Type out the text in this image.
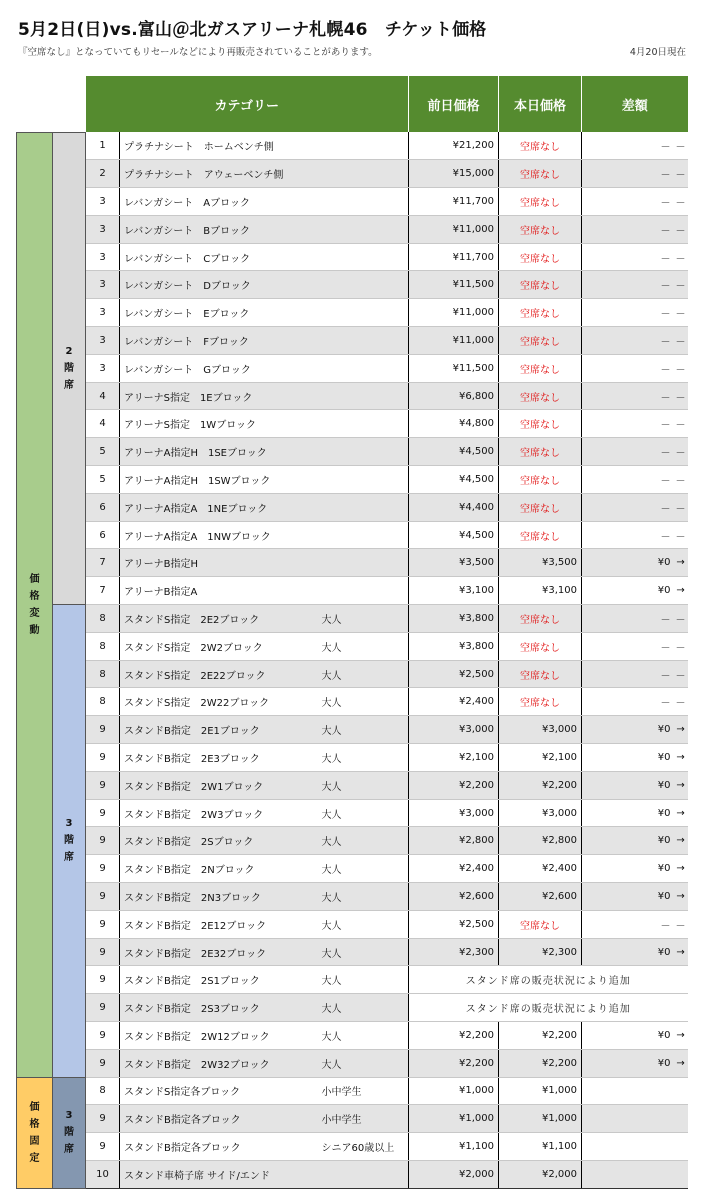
5月2日(日)vs.富山＠北ガスアリーナ札幌46　チケット価格
『空席なし』となっていてもリセールなどにより再販売されていることがあります。	4月20日現在
		カテゴリー			前日価格	本日価格	差額	
価格変動	2階席	1	プラチナシート　ホームベンチ側		¥21,200	空席なし	－	－
		2	プラチナシート　アウェーベンチ側		¥15,000	空席なし	－	－
		3	レバンガシート　Aブロック		¥11,700	空席なし	－	－
		3	レバンガシート　Bブロック		¥11,000	空席なし	－	－
		3	レバンガシート　Cブロック		¥11,700	空席なし	－	－
		3	レバンガシート　Dブロック		¥11,500	空席なし	－	－
		3	レバンガシート　Eブロック		¥11,000	空席なし	－	－
		3	レバンガシート　Fブロック		¥11,000	空席なし	－	－
		3	レバンガシート　Gブロック		¥11,500	空席なし	－	－
		4	アリーナS指定　1Eブロック		¥6,800	空席なし	－	－
		4	アリーナS指定　1Wブロック		¥4,800	空席なし	－	－
		5	アリーナA指定H　1SEブロック		¥4,500	空席なし	－	－
		5	アリーナA指定H　1SWブロック		¥4,500	空席なし	－	－
		6	アリーナA指定A　1NEブロック		¥4,400	空席なし	－	－
		6	アリーナA指定A　1NWブロック		¥4,500	空席なし	－	－
		7	アリーナB指定H		¥3,500	¥3,500	¥0	→
		7	アリーナB指定A		¥3,100	¥3,100	¥0	→
	3階席	8	スタンドS指定　2E2ブロック	大人	¥3,800	空席なし	－	－
		8	スタンドS指定　2W2ブロック	大人	¥3,800	空席なし	－	－
		8	スタンドS指定　2E22ブロック	大人	¥2,500	空席なし	－	－
		8	スタンドS指定　2W22ブロック	大人	¥2,400	空席なし	－	－
		9	スタンドB指定　2E1ブロック	大人	¥3,000	¥3,000	¥0	→
		9	スタンドB指定　2E3ブロック	大人	¥2,100	¥2,100	¥0	→
		9	スタンドB指定　2W1ブロック	大人	¥2,200	¥2,200	¥0	→
		9	スタンドB指定　2W3ブロック	大人	¥3,000	¥3,000	¥0	→
		9	スタンドB指定　2Sブロック	大人	¥2,800	¥2,800	¥0	→
		9	スタンドB指定　2Nブロック	大人	¥2,400	¥2,400	¥0	→
		9	スタンドB指定　2N3ブロック	大人	¥2,600	¥2,600	¥0	→
		9	スタンドB指定　2E12ブロック	大人	¥2,500	空席なし	－	－
		9	スタンドB指定　2E32ブロック	大人	¥2,300	¥2,300	¥0	→
		9	スタンドB指定　2S1ブロック	大人	スタンド席の販売状況により追加			
		9	スタンドB指定　2S3ブロック	大人	スタンド席の販売状況により追加			
		9	スタンドB指定　2W12ブロック	大人	¥2,200	¥2,200	¥0	→
		9	スタンドB指定　2W32ブロック	大人	¥2,200	¥2,200	¥0	→
価格固定	3階席	8	スタンドS指定各ブロック	小中学生	¥1,000	¥1,000		
		9	スタンドB指定各ブロック	小中学生	¥1,000	¥1,000		
		9	スタンドB指定各ブロック	シニア60歳以上	¥1,100	¥1,100		
		10	スタンド車椅子席 サイド/エンド		¥2,000	¥2,000		
